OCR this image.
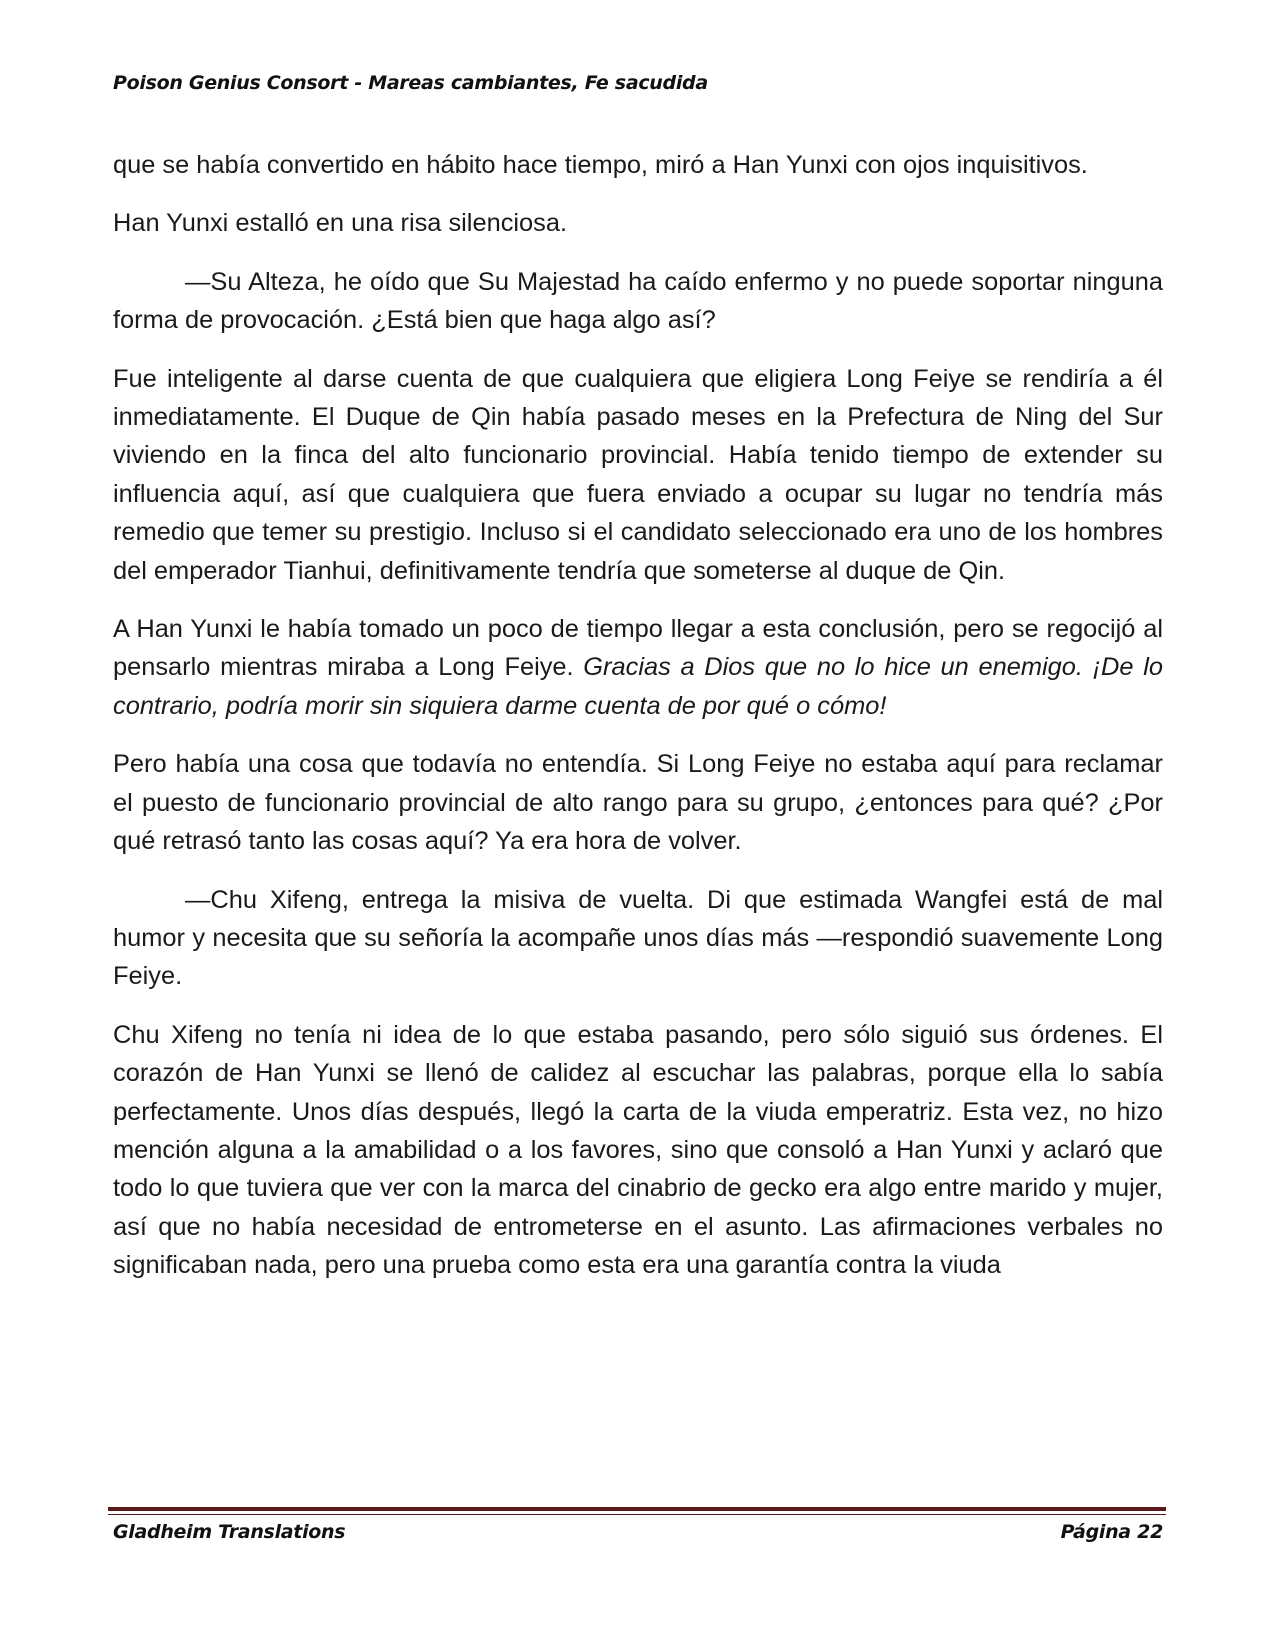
Poison Genius Consort - Mareas cambiantes, Fe sacudida

que se había convertido en hábito hace tiempo, miró a Han Yunxi con ojos inquisitivos.

Han Yunxi estalló en una risa silenciosa.

—Su Alteza, he oído que Su Majestad ha caído enfermo y no puede soportar ninguna forma de provocación. ¿Está bien que haga algo así?

Fue inteligente al darse cuenta de que cualquiera que eligiera Long Feiye se rendiría a él inmediatamente. El Duque de Qin había pasado meses en la Prefectura de Ning del Sur viviendo en la finca del alto funcionario provincial. Había tenido tiempo de extender su influencia aquí, así que cualquiera que fuera enviado a ocupar su lugar no tendría más remedio que temer su prestigio. Incluso si el candidato seleccionado era uno de los hombres del emperador Tianhui, definitivamente tendría que someterse al duque de Qin.

A Han Yunxi le había tomado un poco de tiempo llegar a esta conclusión, pero se regocijó al pensarlo mientras miraba a Long Feiye. Gracias a Dios que no lo hice un enemigo. ¡De lo contrario, podría morir sin siquiera darme cuenta de por qué o cómo!

Pero había una cosa que todavía no entendía. Si Long Feiye no estaba aquí para reclamar el puesto de funcionario provincial de alto rango para su grupo, ¿entonces para qué? ¿Por qué retrasó tanto las cosas aquí? Ya era hora de volver.

—Chu Xifeng, entrega la misiva de vuelta. Di que estimada Wangfei está de mal humor y necesita que su señoría la acompañe unos días más —respondió suavemente Long Feiye.

Chu Xifeng no tenía ni idea de lo que estaba pasando, pero sólo siguió sus órdenes. El corazón de Han Yunxi se llenó de calidez al escuchar las palabras, porque ella lo sabía perfectamente. Unos días después, llegó la carta de la viuda emperatriz. Esta vez, no hizo mención alguna a la amabilidad o a los favores, sino que consoló a Han Yunxi y aclaró que todo lo que tuviera que ver con la marca del cinabrio de gecko era algo entre marido y mujer, así que no había necesidad de entrometerse en el asunto. Las afirmaciones verbales no significaban nada, pero una prueba como esta era una garantía contra la viuda

Gladheim Translations	Página 22
